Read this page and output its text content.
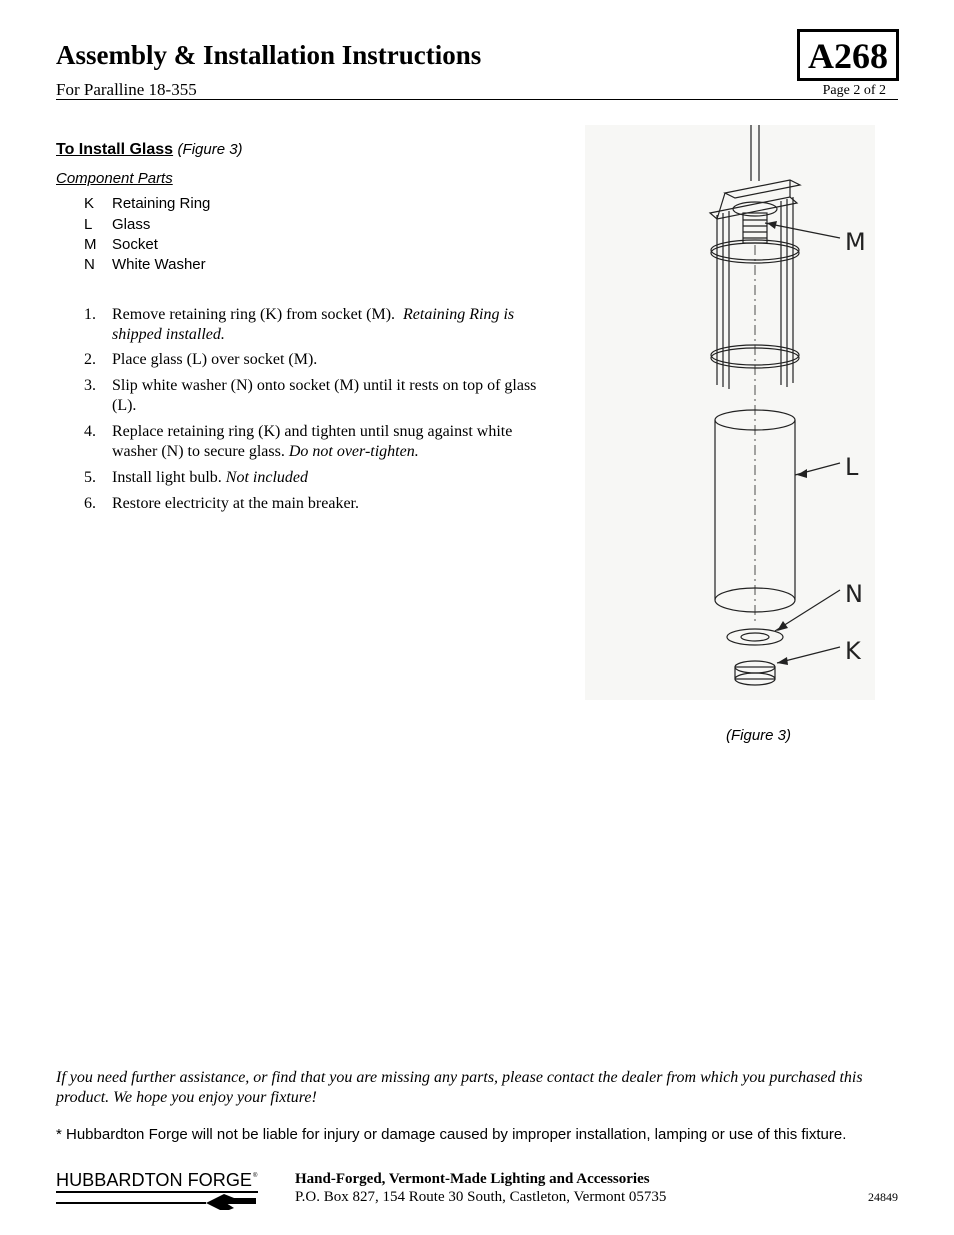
Assembly & Installation Instructions
For Paralline 18-355	Page 2 of 2
A268
To Install Glass (Figure 3)
Component Parts
K Retaining Ring
L Glass
M Socket
N White Washer
1. Remove retaining ring (K) from socket (M). Retaining Ring is shipped installed.
2. Place glass (L) over socket (M).
3. Slip white washer (N) onto socket (M) until it rests on top of glass (L).
4. Replace retaining ring (K) and tighten until snug against white washer (N) to secure glass. Do not over-tighten.
5. Install light bulb. Not included
6. Restore electricity at the main breaker.
M
L
N
K
(Figure 3)
If you need further assistance, or find that you are missing any parts, please contact the dealer from which you purchased this product. We hope you enjoy your fixture!
* Hubbardton Forge will not be liable for injury or damage caused by improper installation, lamping or use of this fixture.
HUBBARDTON FORGE ®	Hand-Forged, Vermont-Made Lighting and Accessories
P.O. Box 827, 154 Route 30 South, Castleton, Vermont 05735	24849
